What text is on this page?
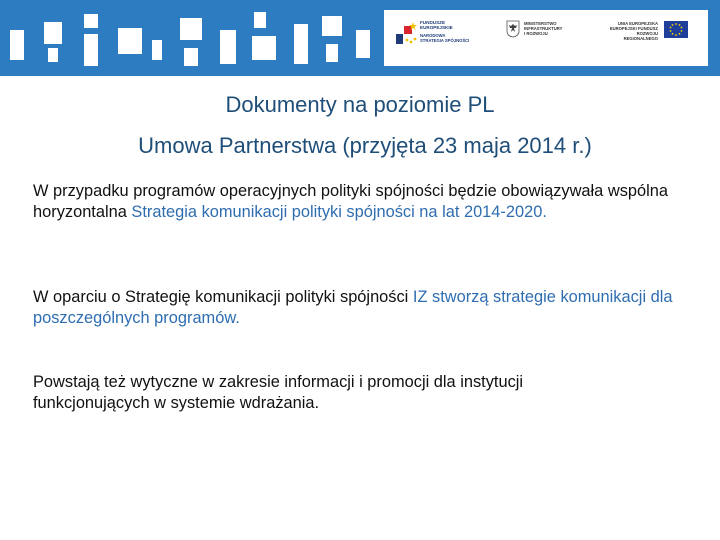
FUNDUSZE
EUROPEJSKIE
NARODOWA
STRATEGIA SPÓJNOŚCI
MINISTERSTWO
INFRASTRUKTURY
I ROZWOJU
UNIA EUROPEJSKA
EUROPEJSKI FUNDUSZ
ROZWOJU REGIONALNEGO
Dokumenty na poziomie PL
Umowa Partnerstwa (przyjęta 23 maja 2014 r.)
W przypadku programów operacyjnych polityki spójności będzie obowiązywała wspólna horyzontalna Strategia komunikacji polityki spójności na lat 2014-2020.
W oparciu o Strategię komunikacji polityki spójności IZ stworzą strategie komunikacji dla poszczególnych programów.
Powstają też wytyczne w zakresie informacji i promocji dla instytucji funkcjonujących w systemie wdrażania.
